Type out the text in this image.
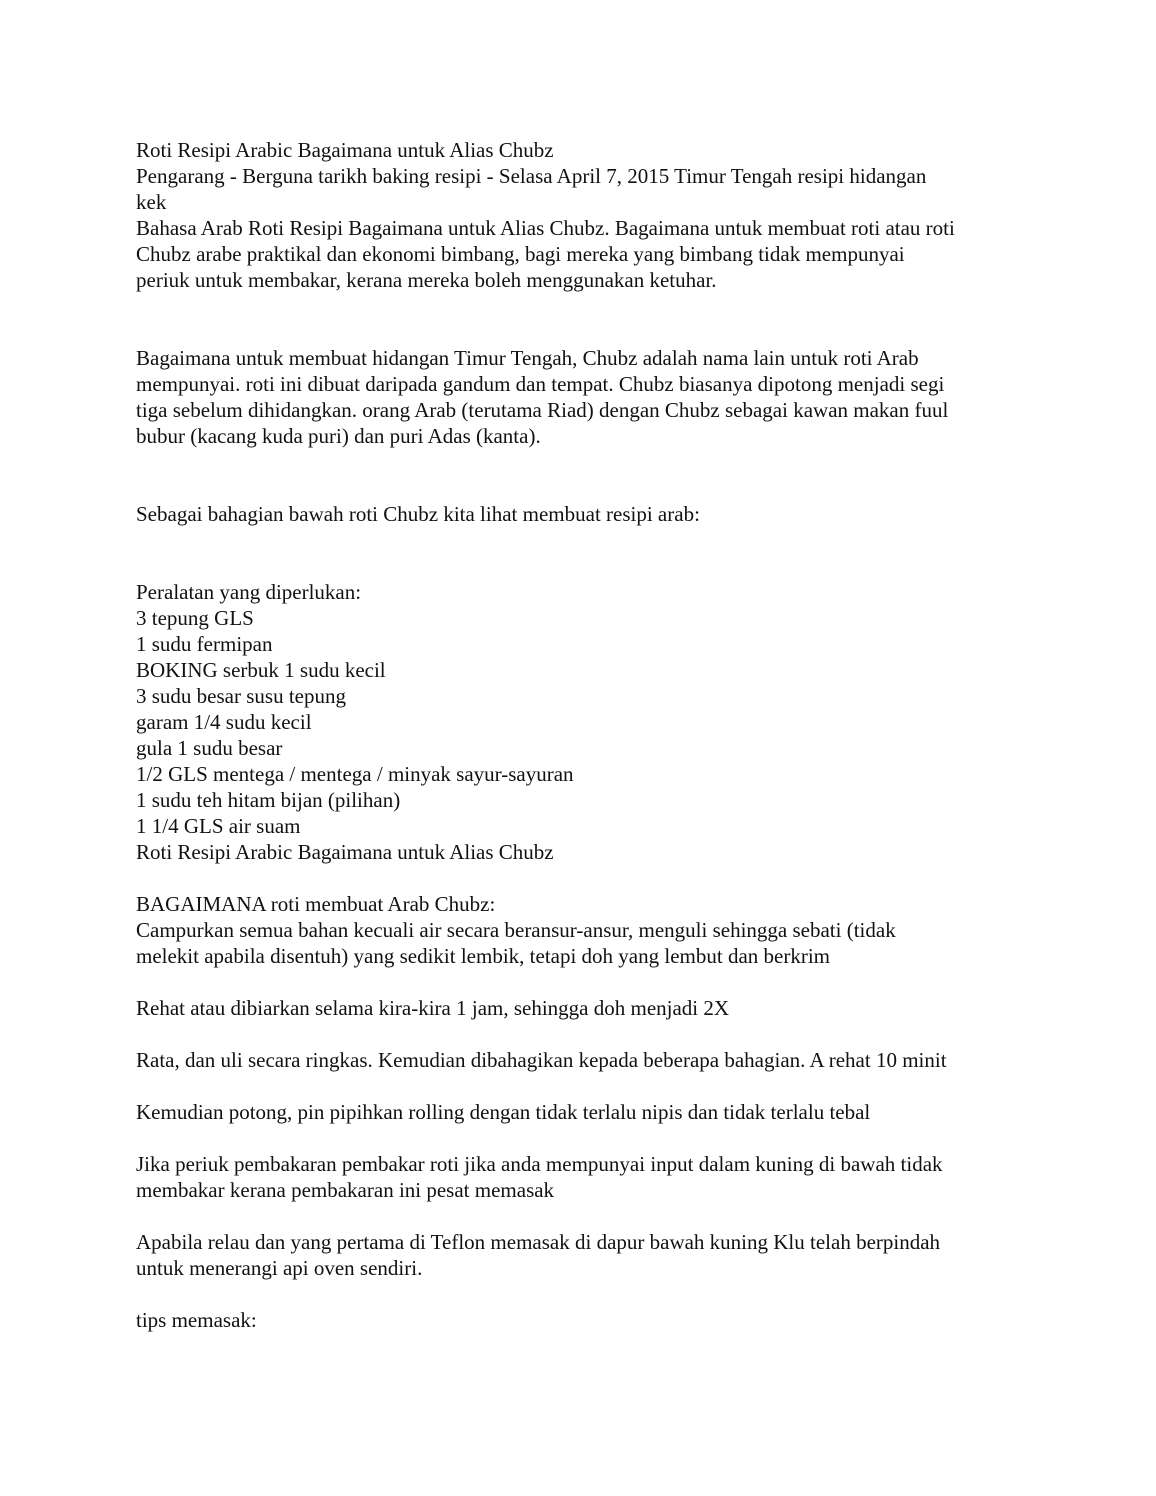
Roti Resipi Arabic Bagaimana untuk Alias Chubz
Pengarang - Berguna tarikh baking resipi - Selasa April 7, 2015 Timur Tengah resipi hidangan
kek
Bahasa Arab Roti Resipi Bagaimana untuk Alias Chubz. Bagaimana untuk membuat roti atau roti
Chubz arabe praktikal dan ekonomi bimbang, bagi mereka yang bimbang tidak mempunyai
periuk untuk membakar, kerana mereka boleh menggunakan ketuhar.
Bagaimana untuk membuat hidangan Timur Tengah, Chubz adalah nama lain untuk roti Arab
mempunyai. roti ini dibuat daripada gandum dan tempat. Chubz biasanya dipotong menjadi segi
tiga sebelum dihidangkan. orang Arab (terutama Riad) dengan Chubz sebagai kawan makan fuul
bubur (kacang kuda puri) dan puri Adas (kanta).
Sebagai bahagian bawah roti Chubz kita lihat membuat resipi arab:
Peralatan yang diperlukan:
3 tepung GLS
1 sudu fermipan
BOKING serbuk 1 sudu kecil
3 sudu besar susu tepung
garam 1/4 sudu kecil
gula 1 sudu besar
1/2 GLS mentega / mentega / minyak sayur-sayuran
1 sudu teh hitam bijan (pilihan)
1 1/4 GLS air suam
Roti Resipi Arabic Bagaimana untuk Alias Chubz
BAGAIMANA roti membuat Arab Chubz:
Campurkan semua bahan kecuali air secara beransur-ansur, menguli sehingga sebati (tidak
melekit apabila disentuh) yang sedikit lembik, tetapi doh yang lembut dan berkrim
Rehat atau dibiarkan selama kira-kira 1 jam, sehingga doh menjadi 2X
Rata, dan uli secara ringkas. Kemudian dibahagikan kepada beberapa bahagian. A rehat 10 minit
Kemudian potong, pin pipihkan rolling dengan tidak terlalu nipis dan tidak terlalu tebal
Jika periuk pembakaran pembakar roti jika anda mempunyai input dalam kuning di bawah tidak
membakar kerana pembakaran ini pesat memasak
Apabila relau dan yang pertama di Teflon memasak di dapur bawah kuning Klu telah berpindah
untuk menerangi api oven sendiri.
tips memasak:
